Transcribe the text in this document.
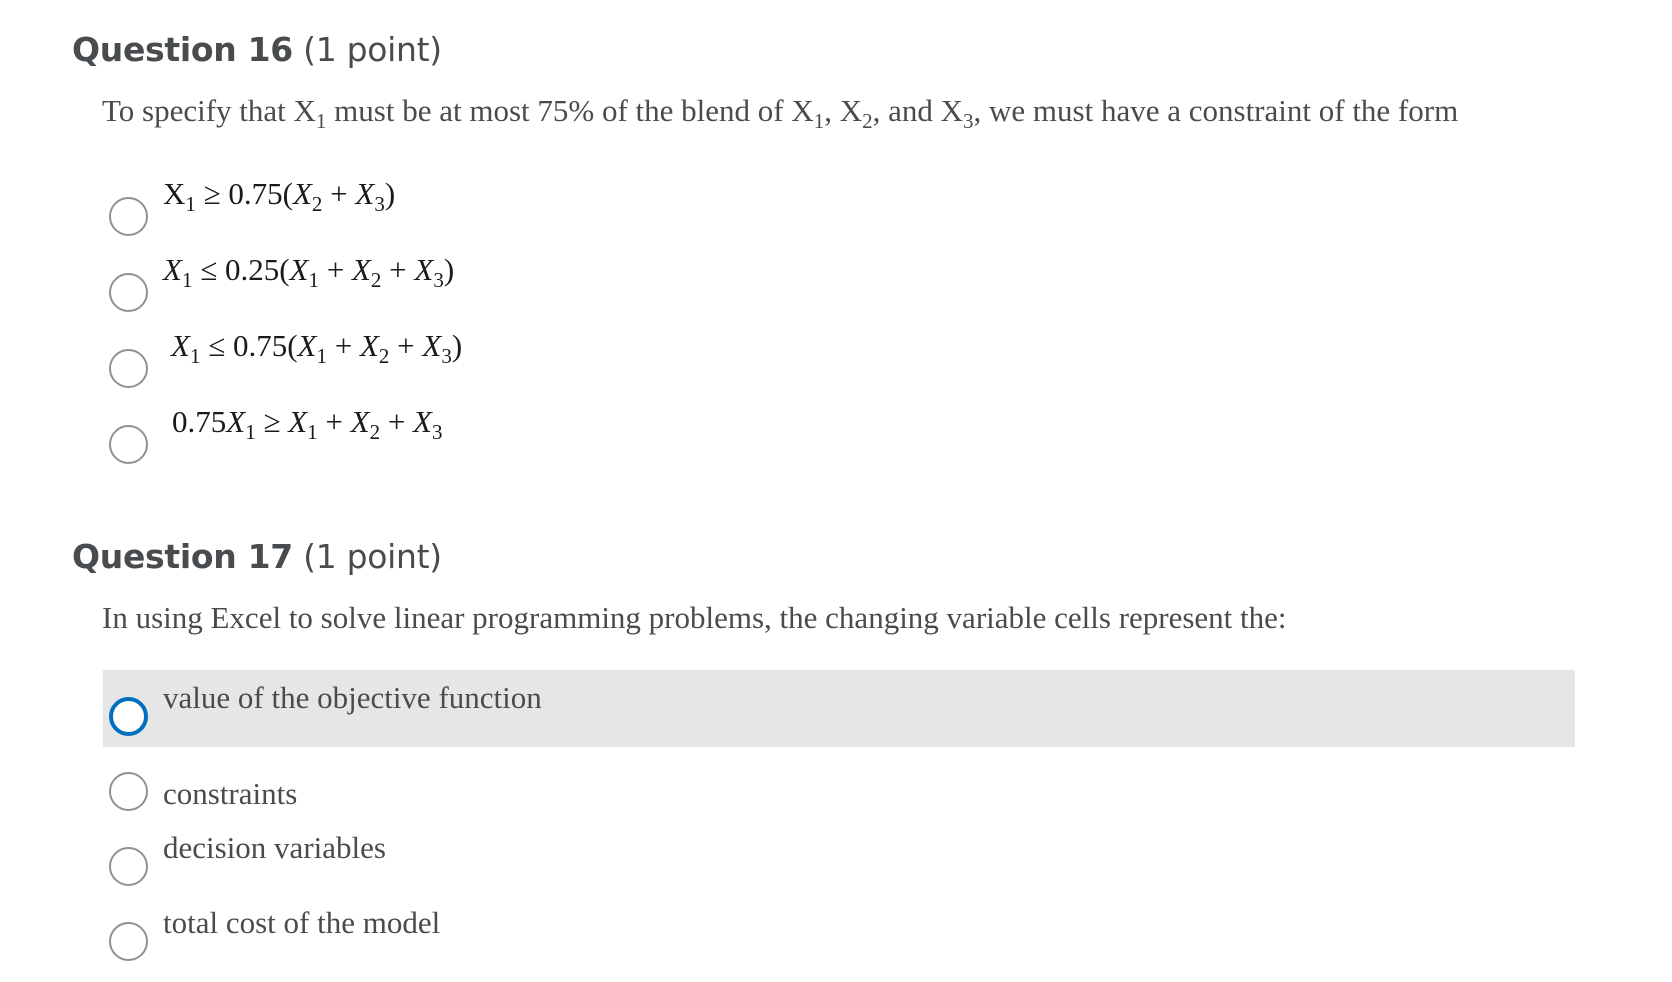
Question 16 (1 point)

To specify that $X_1$ must be at most 75% of the blend of $X_1$, $X_2$, and $X_3$, we must have a constraint of the form

$X_1 \ge 0.75(X_2 + X_3)$
$X_1 \le 0.25(X_1 + X_2 + X_3)$
$X_1 \le 0.75(X_1 + X_2 + X_3)$
$0.75X_1 \ge X_1 + X_2 + X_3$
Question 17 (1 point)

In using Excel to solve linear programming problems, the changing variable cells represent the:

value of the objective function
constraints
decision variables
total cost of the model
